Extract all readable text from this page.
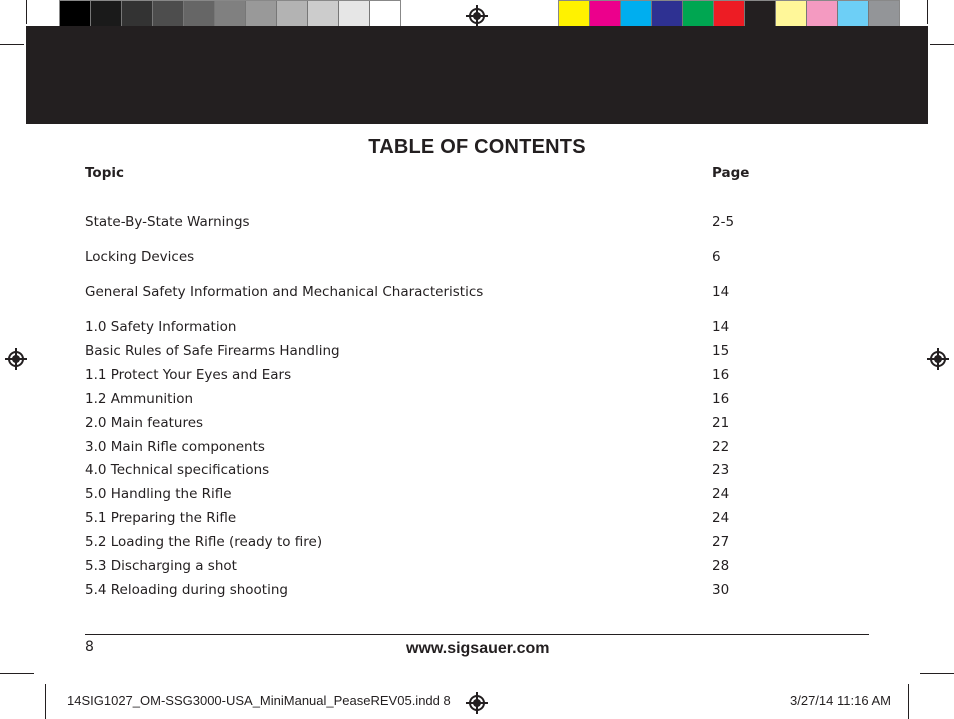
TABLE OF CONTENTS
Topic	Page
State-By-State Warnings	2-5
Locking Devices	6
General Safety Information and Mechanical Characteristics	14
1.0 Safety Information	14
Basic Rules of Safe Firearms Handling	15
1.1 Protect Your Eyes and Ears	16
1.2 Ammunition	16
2.0 Main features	21
3.0 Main Rifle components	22
4.0 Technical specifications	23
5.0 Handling the Rifle	24
5.1 Preparing the Rifle	24
5.2 Loading the Rifle (ready to fire)	27
5.3 Discharging a shot	28
5.4 Reloading during shooting	30
8	www.sigsauer.com
14SIG1027_OM-SSG3000-USA_MiniManual_PeaseREV05.indd 8	3/27/14 11:16 AM
